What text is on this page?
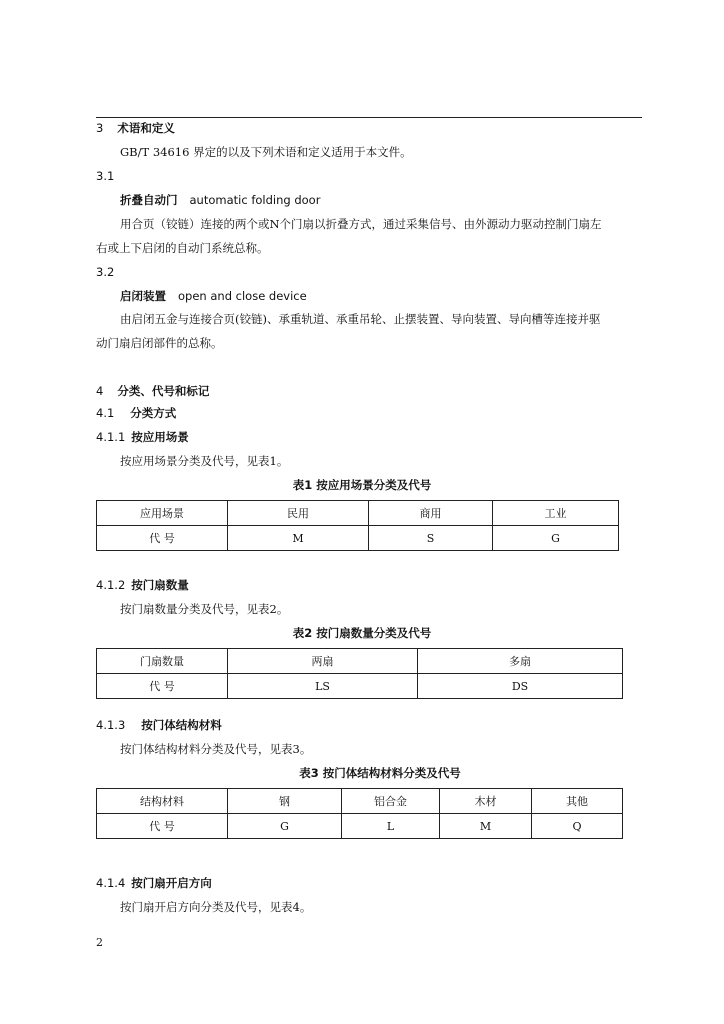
3 术语和定义
GB/T 34616 界定的以及下列术语和定义适用于本文件。
3.1
折叠自动门 automatic folding door
用合页（铰链）连接的两个或N个门扇以折叠方式，通过采集信号、由外源动力驱动控制门扇左
右或上下启闭的自动门系统总称。
3.2
启闭装置 open and close device
由启闭五金与连接合页(铰链)、承重轨道、承重吊轮、止摆装置、导向装置、导向槽等连接并驱
动门扇启闭部件的总称。
4 分类、代号和标记
4.1 分类方式
4.1.1 按应用场景
按应用场景分类及代号，见表1。
表1 按应用场景分类及代号
应用场景	民用	商用	工业
代 号	M	S	G
4.1.2 按门扇数量
按门扇数量分类及代号，见表2。
表2 按门扇数量分类及代号
门扇数量	两扇	多扇
代 号	LS	DS
4.1.3 按门体结构材料
按门体结构材料分类及代号，见表3。
表3 按门体结构材料分类及代号
结构材料	钢	铝合金	木材	其他
代 号	G	L	M	Q
4.1.4 按门扇开启方向
按门扇开启方向分类及代号，见表4。
2
